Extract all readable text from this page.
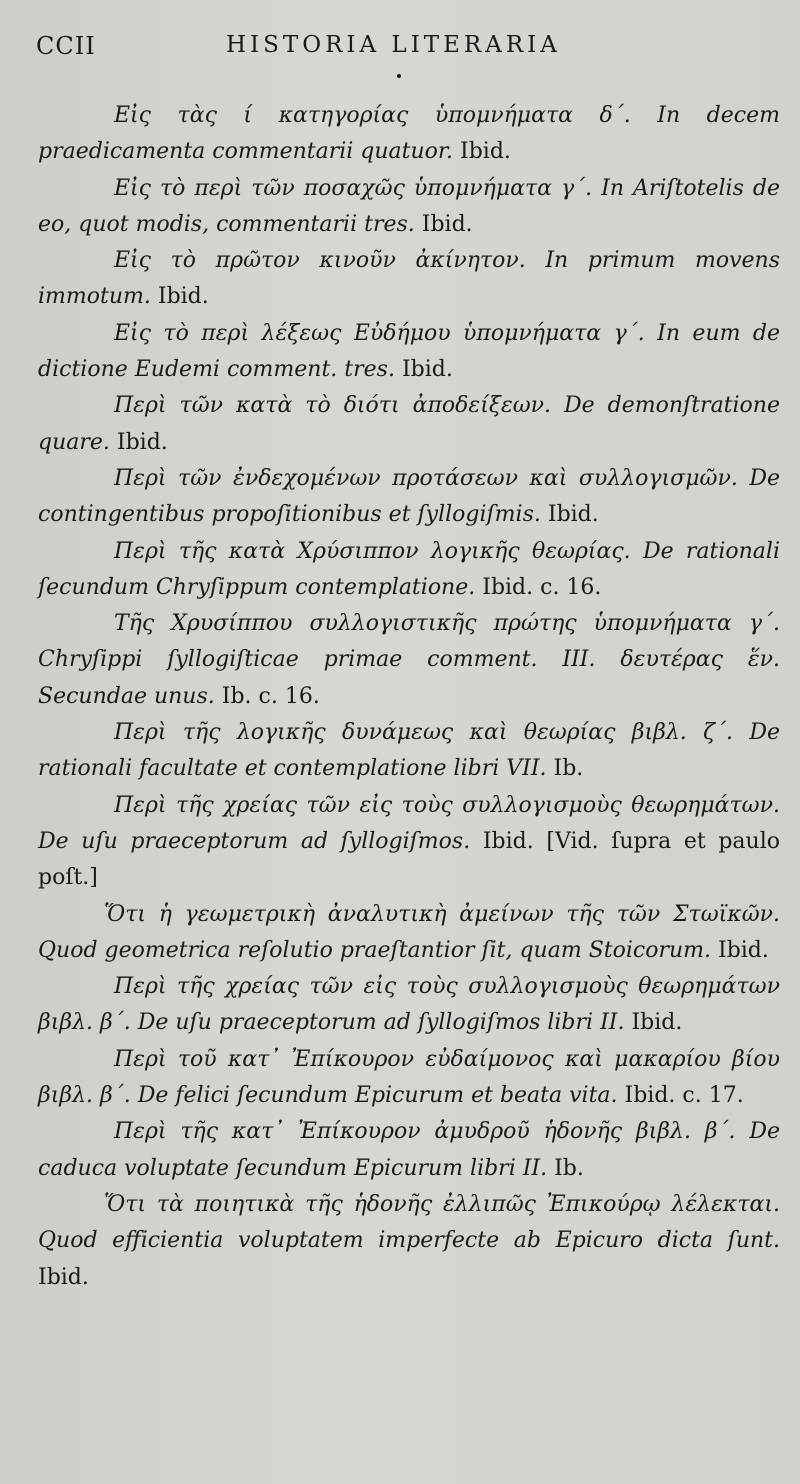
CCII	HISTORIA LITERARIA

Εἰς τὰς ί κατηγορίας ὑπομνήματα δ΄. In decem praedicamenta commentarii quatuor. Ibid.

Εἰς τὸ περὶ τῶν ποσαχῶς ὑπομνήματα γ΄. In Ariſtotelis de eo, quot modis, commentarii tres. Ibid.

Εἰς τὸ πρῶτον κινοῦν ἀκίνητον. In primum movens immotum. Ibid.

Εἰς τὸ περὶ λέξεως Εὐδήμου ὑπομνήματα γ΄. In eum de dictione Eudemi comment. tres. Ibid.

Περὶ τῶν κατὰ τὸ διότι ἀποδείξεων. De demonſtratione quare. Ibid.

Περὶ τῶν ἐνδεχομένων προτάσεων καὶ συλλογισμῶν. De contingentibus propoſitionibus et ſyllogiſmis. Ibid.

Περὶ τῆς κατὰ Χρύσιππον λογικῆς θεωρίας. De rationali ſecundum Chryſippum contemplatione. Ibid. c. 16.

Τῆς Χρυσίππου συλλογιστικῆς πρώτης ὑπομνήματα γ΄. Chryſippi ſyllogiſticae primae comment. III. δευτέρας ἕν. Secundae unus. Ib. c. 16.

Περὶ τῆς λογικῆς δυνάμεως καὶ θεωρίας βιβλ. ζ΄. De rationali facultate et contemplatione libri VII. Ib.

Περὶ τῆς χρείας τῶν εἰς τοὺς συλλογισμοὺς θεωρημάτων. De uſu praeceptorum ad ſyllogiſmos. Ibid. [Vid. ſupra et paulo poſt.]

Ὅτι ἡ γεωμετρικὴ ἀναλυτικὴ ἀμείνων τῆς τῶν Στωϊκῶν. Quod geometrica reſolutio praeſtantior ſit, quam Stoicorum. Ibid.

Περὶ τῆς χρείας τῶν εἰς τοὺς συλλογισμοὺς θεωρημάτων βιβλ. β΄. De uſu praeceptorum ad ſyllogiſmos libri II. Ibid.

Περὶ τοῦ κατ᾽ Ἐπίκουρον εὐδαίμονος καὶ μακαρίου βίου βιβλ. β΄. De felici ſecundum Epicurum et beata vita. Ibid. c. 17.

Περὶ τῆς κατ᾽ Ἐπίκουρον ἀμυδροῦ ἡδονῆς βιβλ. β΄. De caduca voluptate ſecundum Epicurum libri II. Ib.

Ὅτι τὰ ποιητικὰ τῆς ἡδονῆς ἐλλιπῶς Ἐπικούρῳ λέλεκται. Quod efficientia voluptatem imperfecte ab Epicuro dicta ſunt. Ibid.
